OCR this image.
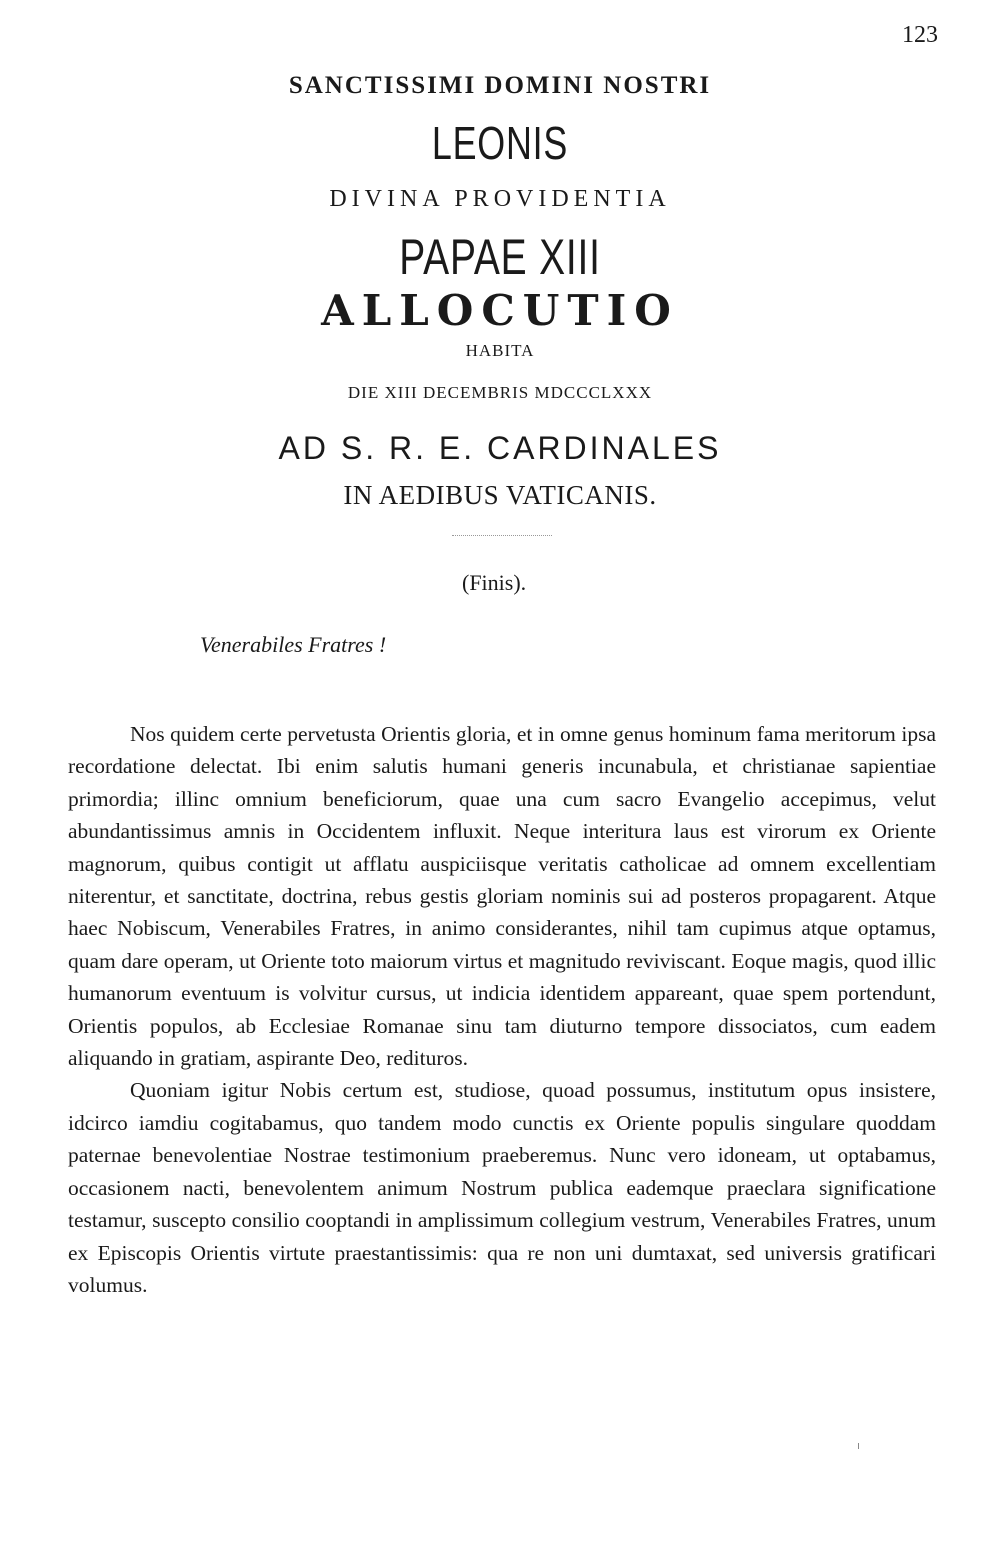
123
SANCTISSIMI DOMINI NOSTRI
LEONIS
DIVINA PROVIDENTIA
PAPAE XIII
ALLOCUTIO
HABITA
DIE XIII DECEMBRIS MDCCCLXXX
AD S. R. E. CARDINALES
IN AEDIBUS VATICANIS.
(Finis).
Venerabiles Fratres !

Nos quidem certe pervetusta Orientis gloria, et in omne genus hominum fama meritorum ipsa recordatione delectat. Ibi enim salutis humani generis incunabula, et christianae sapientiae primordia; illinc omnium beneficiorum, quae una cum sacro Evangelio accepimus, velut abundantissimus amnis in Occidentem influxit. Neque interitura laus est virorum ex Oriente magnorum, quibus contigit ut afflatu auspiciisque veritatis catholicae ad omnem excellentiam niterentur, et sanctitate, doctrina, rebus gestis gloriam nominis sui ad posteros propagarent. Atque haec Nobiscum, Venerabiles Fratres, in animo considerantes, nihil tam cupimus atque optamus, quam dare operam, ut Oriente toto maiorum virtus et magnitudo reviviscant. Eoque magis, quod illic humanorum eventuum is volvitur cursus, ut indicia identidem appareant, quae spem portendunt, Orientis populos, ab Ecclesiae Romanae sinu tam diuturno tempore dissociatos, cum eadem aliquando in gratiam, aspirante Deo, redituros.

Quoniam igitur Nobis certum est, studiose, quoad possumus, institutum opus insistere, idcirco iamdiu cogitabamus, quo tandem modo cunctis ex Oriente populis singulare quoddam paternae benevolentiae Nostrae testimonium praeberemus. Nunc vero idoneam, ut optabamus, occasionem nacti, benevolentem animum Nostrum publica eademque praeclara significatione testamur, suscepto consilio cooptandi in amplissimum collegium vestrum, Venerabiles Fratres, unum ex Episcopis Orientis virtute praestantissimis: qua re non uni dumtaxat, sed universis gratificari volumus.
